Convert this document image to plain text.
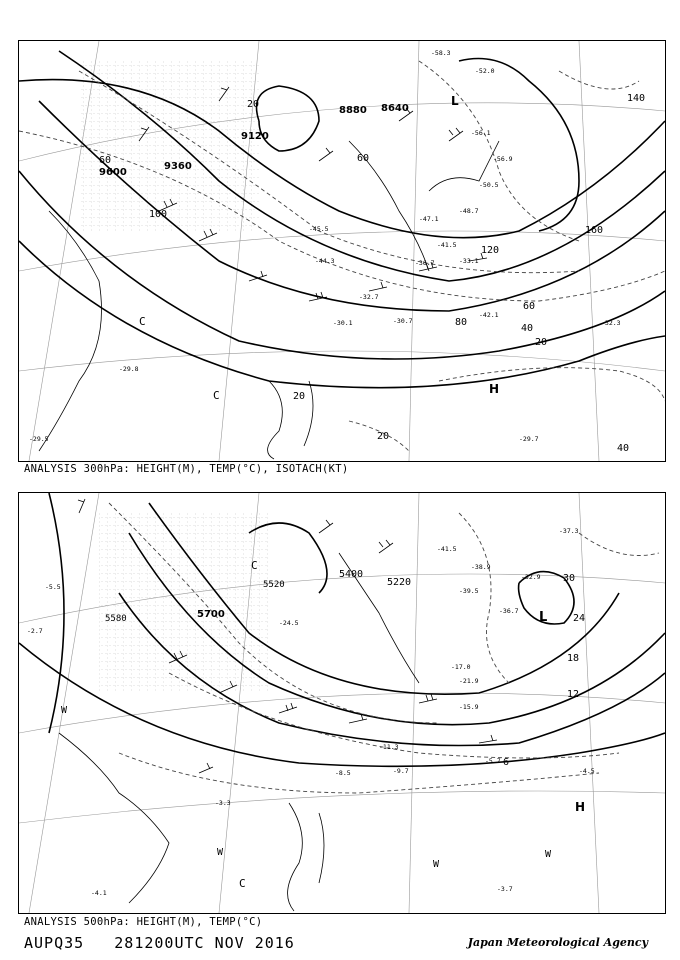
8880 8640
9360
9600
9120
20
20
20
20
40
40
60	60
60
80
100
120
140
160
-58.3
-52.0
-56.1
-56.9
-50.5
-48.7
-47.1
-45.5
-44.3
-41.5
-36.7	-33.1
-32.7
-30.7
-30.1
-29.8
-29.5	-29.7
-42.1
-32.3
L
H
C
C
ANALYSIS 300hPa: HEIGHT(M), TEMP(°C), ISOTACH(KT)
5700
5580
5400
5220
5520
-41.5
-38.9
-39.5
-36.7
-37.3
-32.9
-24.5
-21.9
-17.0
-15.9
-11.3
-9.7
-8.5
-5.7
-4.5
-3.7
-4.1
-3.3
-5.5
-2.7
30
24
18
12
6
L
H
C
C
W
W
W
W
ANALYSIS 500hPa: HEIGHT(M), TEMP(°C)
AUPQ35   281200UTC NOV 2016	Japan Meteorological Agency
